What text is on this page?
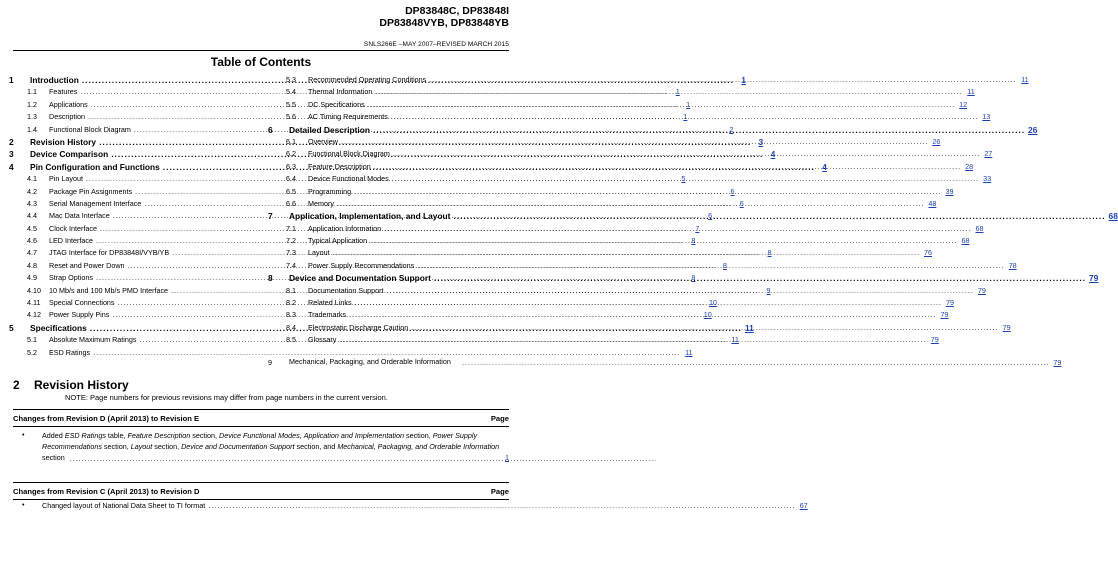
DP83848C, DP83848I
DP83848VYB, DP83848YB
SNLS266E –MAY 2007–REVISED MARCH 2015
Table of Contents
1	Introduction .....	1
1.1	Features .....	1
1.2	Applications .....	1
1.3	Description .....	1
1.4	Functional Block Diagram .....	2
2	Revision History .....	3
3	Device Comparison .....	4
4	Pin Configuration and Functions .....	4
4.1	Pin Layout .....	5
4.2	Package Pin Assignments .....	6
4.3	Serial Management Interface .....	6
4.4	Mac Data Interface .....	6
4.5	Clock Interface .....	7
4.6	LED Interface .....	8
4.7	JTAG Interface for DP83848I/VYB/YB .....	8
4.8	Reset and Power Down .....	8
4.9	Strap Options .....	8
4.10	10 Mb/s and 100 Mb/s PMD Interface .....	9
4.11	Special Connections .....	10
4.12	Power Supply Pins .....	10
5	Specifications .....	11
5.1	Absolute Maximum Ratings .....	11
5.2	ESD Ratings .....	11
5.3	Recommended Operating Conditions .....	11
5.4	Thermal Information .....	11
5.5	DC Specifications .....	12
5.6	AC Timing Requirements .....	13
6	Detailed Description .....	26
6.1	Overview .....	26
6.2	Functional Block Diagram .....	27
6.3	Feature Description .....	28
6.4	Device Functional Modes .....	33
6.5	Programming .....	39
6.6	Memory .....	48
7	Application, Implementation, and Layout .....	68
7.1	Application Information .....	68
7.2	Typical Application .....	68
7.3	Layout .....	76
7.4	Power Supply Recommendations .....	78
8	Device and Documentation Support .....	79
8.1	Documentation Support .....	79
8.2	Related Links .....	79
8.3	Trademarks .....	79
8.4	Electrostatic Discharge Caution .....	79
8.5	Glossary .....	79
9	Mechanical, Packaging, and Orderable Information .....	79
2 Revision History
NOTE: Page numbers for previous revisions may differ from page numbers in the current version.
Changes from Revision D (April 2013) to Revision E	Page
•	Added ESD Ratings table, Feature Description section, Device Functional Modes, Application and Implementation section, Power Supply Recommendations section, Layout section, Device and Documentation Support section, and Mechanical, Packaging, and Orderable Information section .....	1
Changes from Revision C (April 2013) to Revision D	Page
•	Changed layout of National Data Sheet to TI format .....	67
